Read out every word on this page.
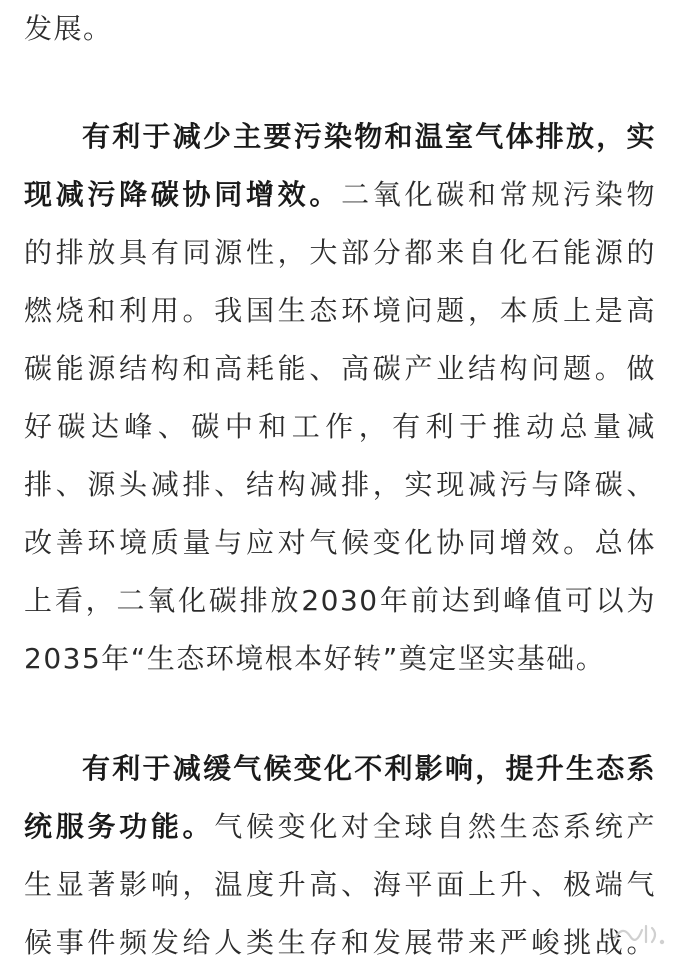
发展。
有利于减少主要污染物和温室气体排放，实
现减污降碳协同增效。二氧化碳和常规污染物
的排放具有同源性，大部分都来自化石能源的
燃烧和利用。我国生态环境问题，本质上是高
碳能源结构和高耗能、高碳产业结构问题。做
好碳达峰、碳中和工作，有利于推动总量减
排、源头减排、结构减排，实现减污与降碳、
改善环境质量与应对气候变化协同增效。总体
上看，二氧化碳排放2030年前达到峰值可以为
2035年“生态环境根本好转”奠定坚实基础。
有利于减缓气候变化不利影响，提升生态系
统服务功能。气候变化对全球自然生态系统产
生显著影响，温度升高、海平面上升、极端气
候事件频发给人类生存和发展带来严峻挑战。
